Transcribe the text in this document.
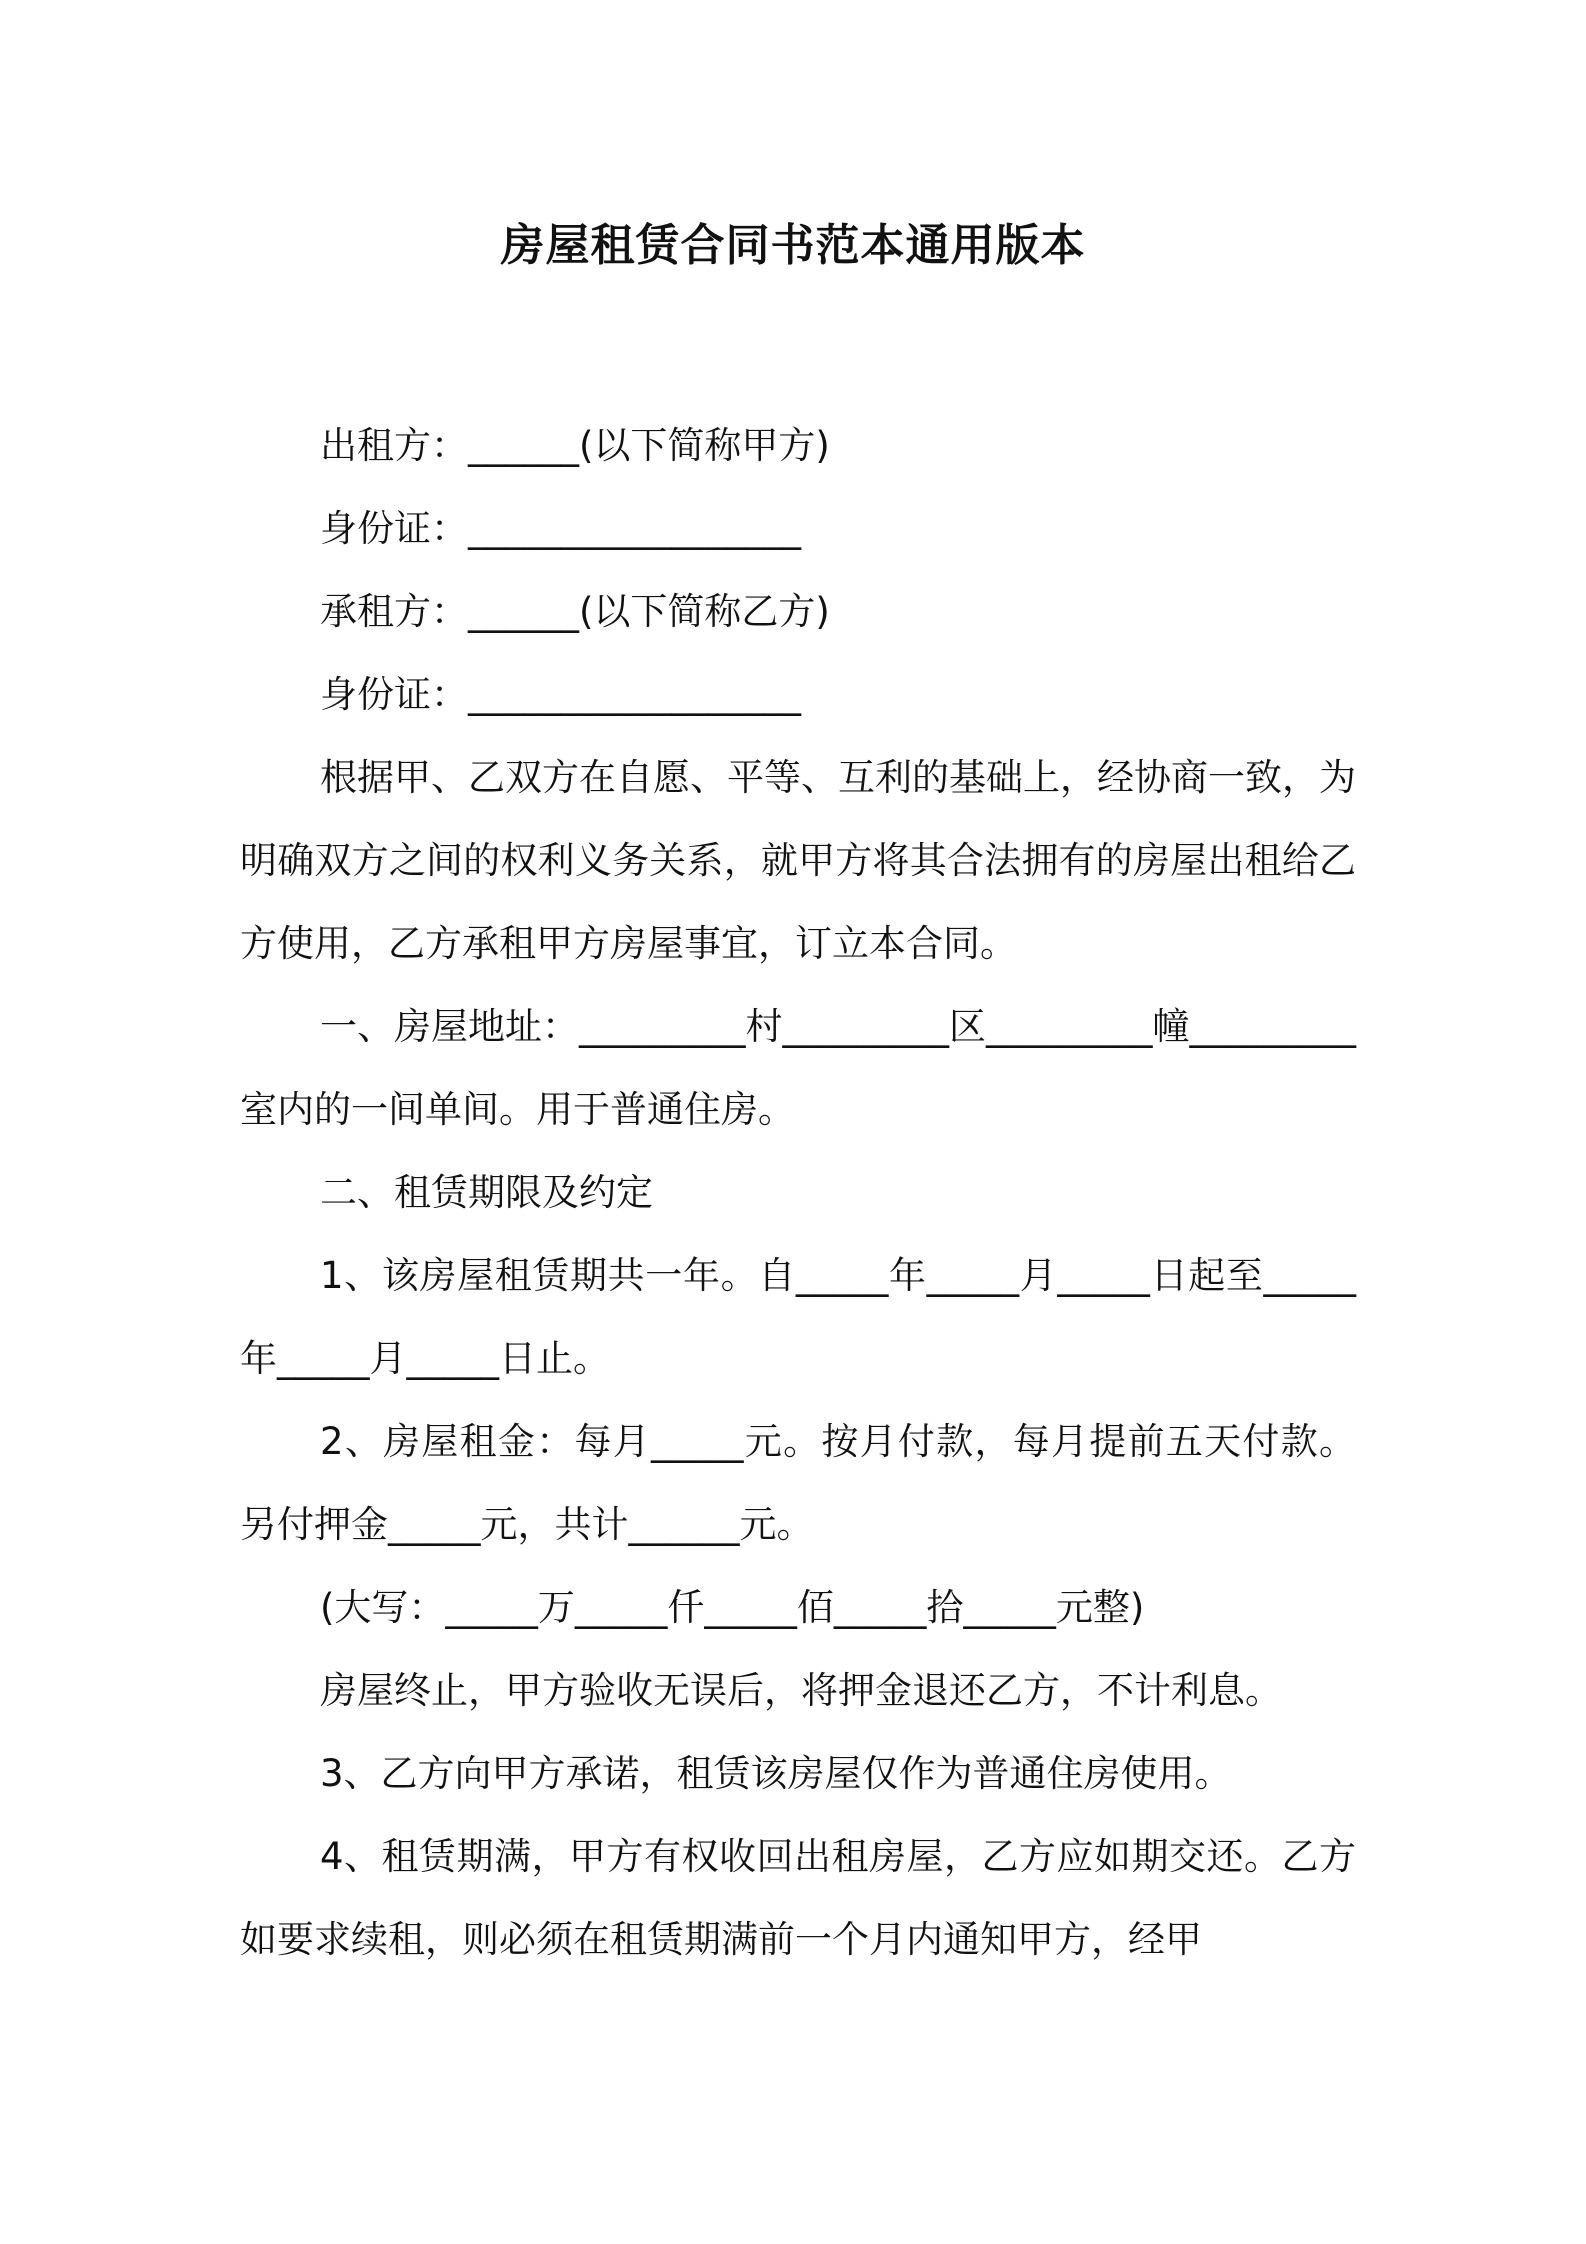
房屋租赁合同书范本通用版本

出租方：______(以下简称甲方)

身份证：__________________

承租方：______(以下简称乙方)

身份证：__________________

根据甲、乙双方在自愿、平等、互利的基础上，经协商一致，为明确双方之间的权利义务关系，就甲方将其合法拥有的房屋出租给乙方使用，乙方承租甲方房屋事宜，订立本合同。

一、房屋地址：_________村_________区_________幢_________室内的一间单间。用于普通住房。

二、租赁期限及约定

1、该房屋租赁期共一年。自_____年_____月_____日起至_____年_____月_____日止。

2、房屋租金：每月_____元。按月付款，每月提前五天付款。另付押金_____元，共计______元。

(大写：_____万_____仟_____佰_____拾_____元整)

房屋终止，甲方验收无误后，将押金退还乙方，不计利息。

3、乙方向甲方承诺，租赁该房屋仅作为普通住房使用。

4、租赁期满，甲方有权收回出租房屋，乙方应如期交还。乙方如要求续租，则必须在租赁期满前一个月内通知甲方，经甲
